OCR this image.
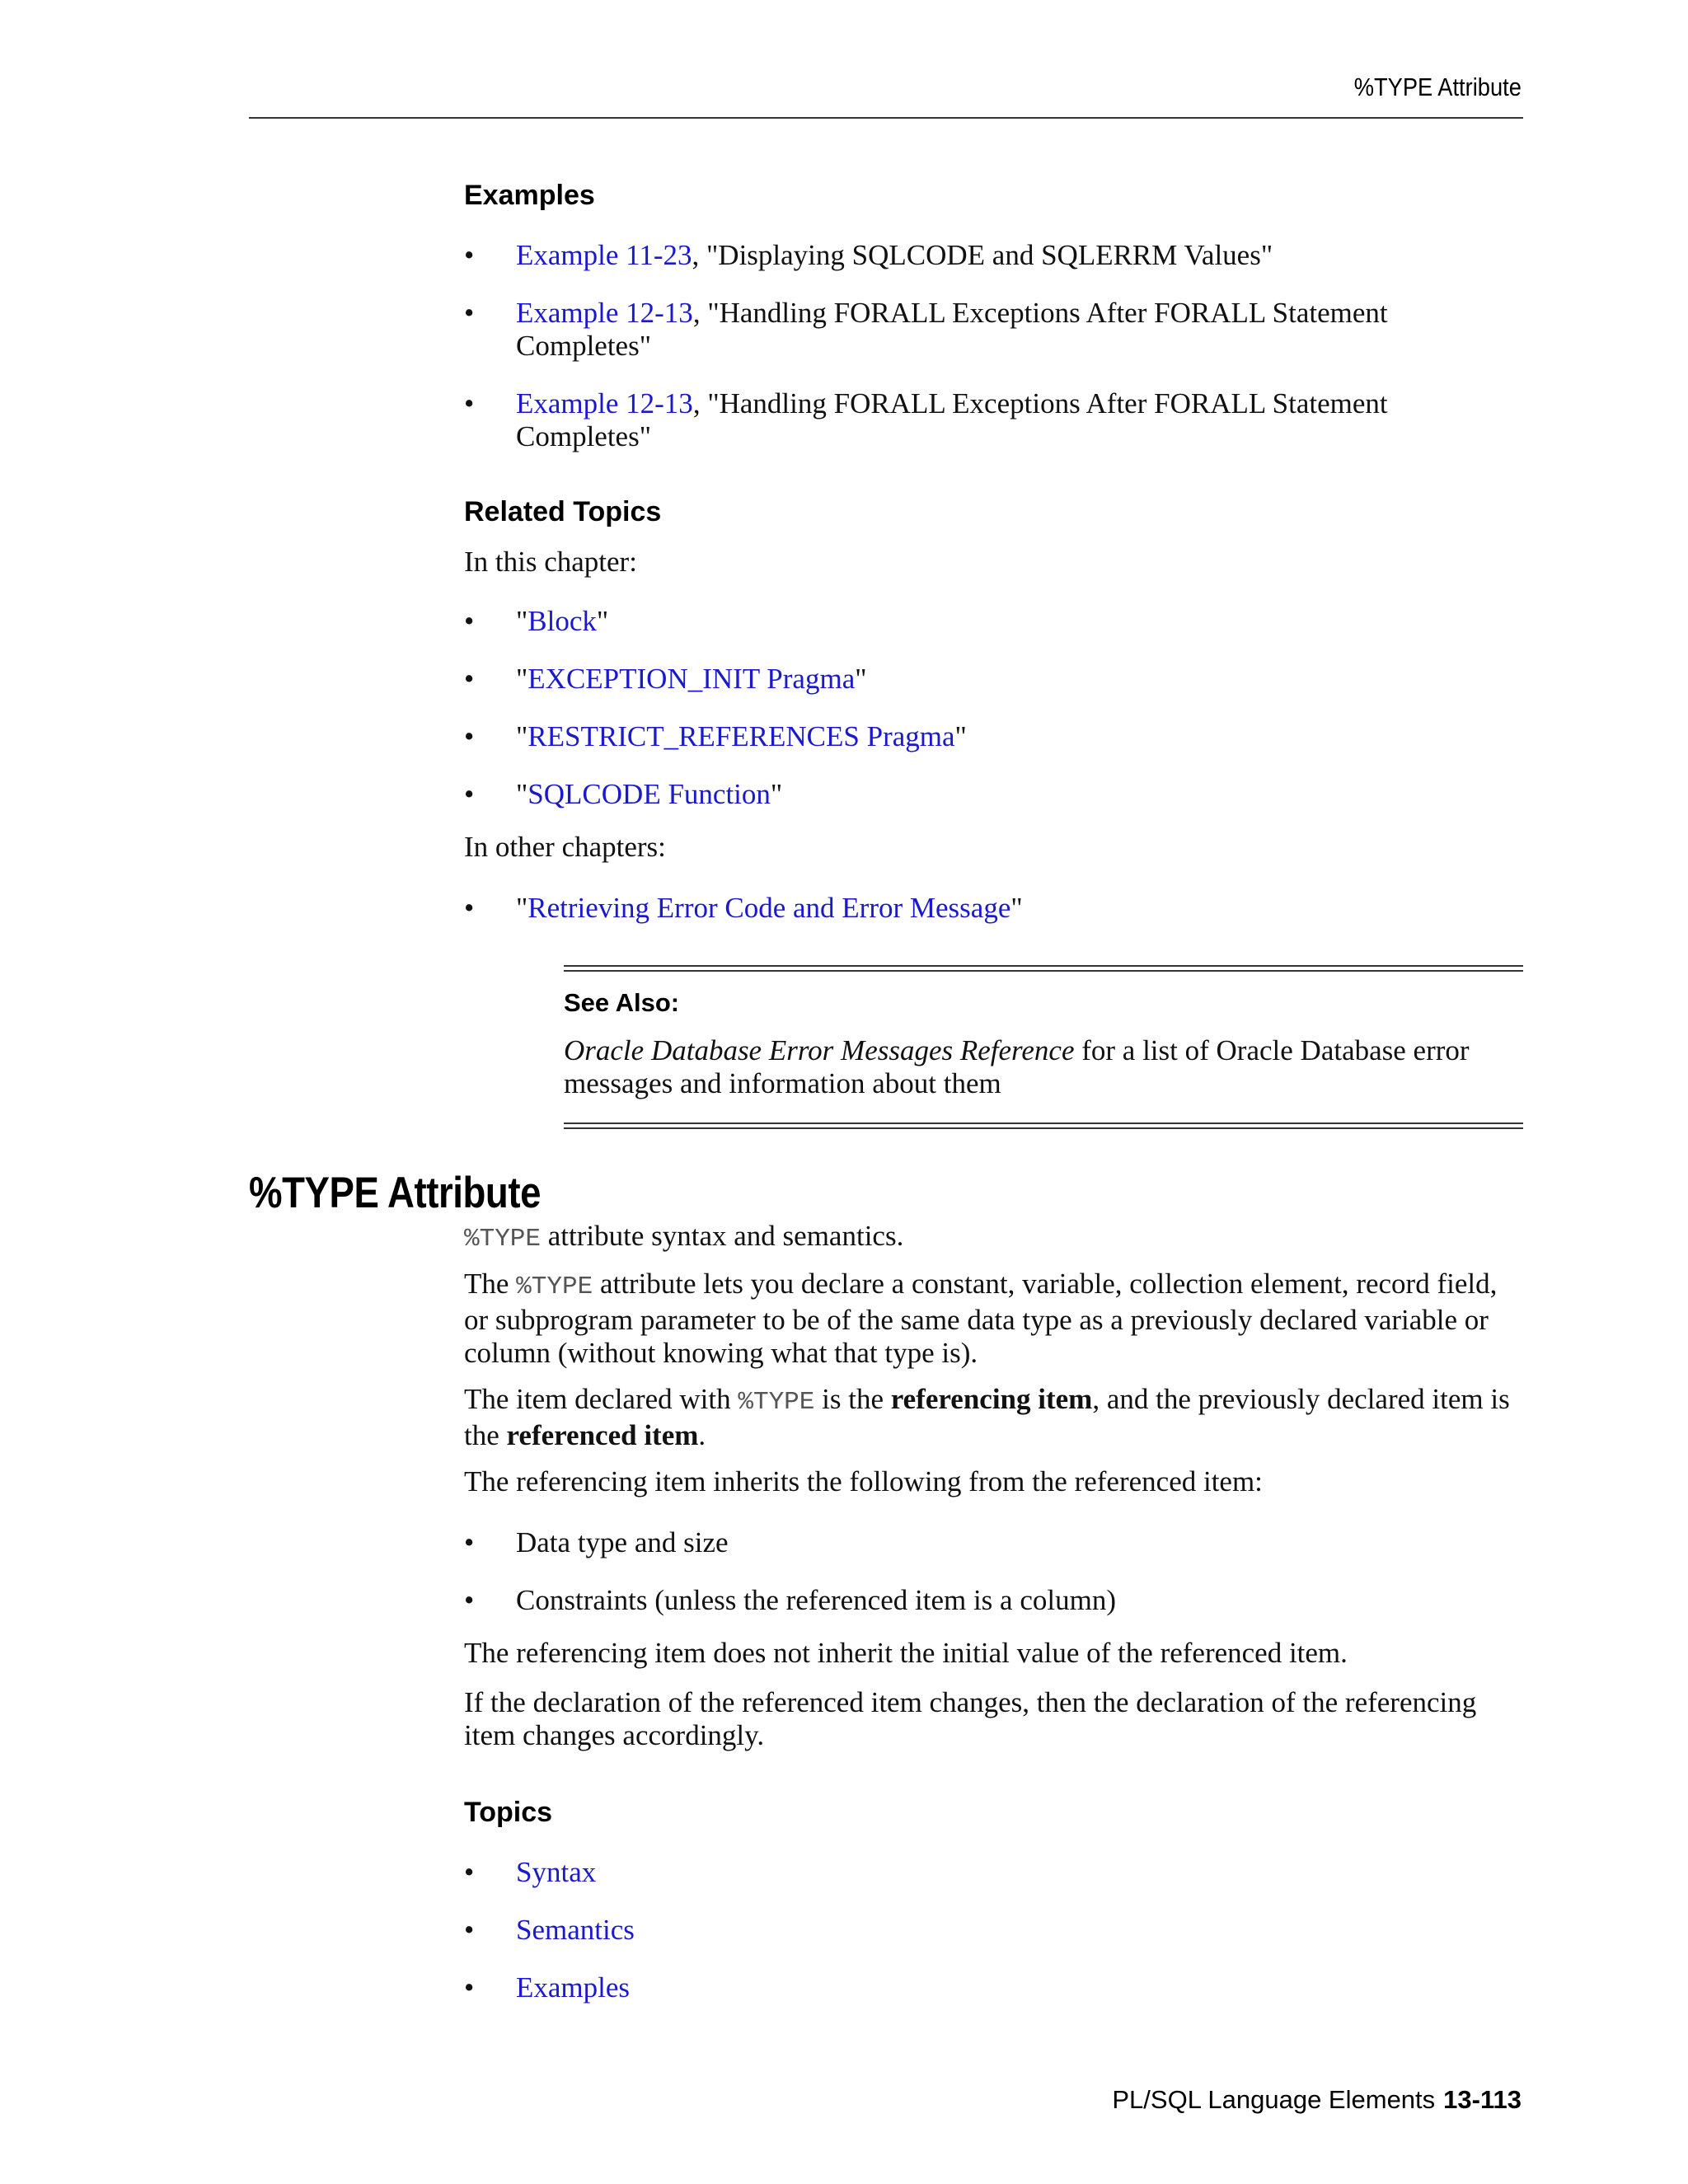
%TYPE Attribute
Examples
•	Example 11-23, "Displaying SQLCODE and SQLERRM Values"
•	Example 12-13, "Handling FORALL Exceptions After FORALL Statement Completes"
•	Example 12-13, "Handling FORALL Exceptions After FORALL Statement Completes"
Related Topics
In this chapter:
•	"Block"
•	"EXCEPTION_INIT Pragma"
•	"RESTRICT_REFERENCES Pragma"
•	"SQLCODE Function"
In other chapters:
•	"Retrieving Error Code and Error Message"
See Also:
Oracle Database Error Messages Reference for a list of Oracle Database error messages and information about them
%TYPE Attribute
%TYPE attribute syntax and semantics.
The %TYPE attribute lets you declare a constant, variable, collection element, record field, or subprogram parameter to be of the same data type as a previously declared variable or column (without knowing what that type is).
The item declared with %TYPE is the referencing item, and the previously declared item is the referenced item.
The referencing item inherits the following from the referenced item:
•	Data type and size
•	Constraints (unless the referenced item is a column)
The referencing item does not inherit the initial value of the referenced item.
If the declaration of the referenced item changes, then the declaration of the referencing item changes accordingly.
Topics
•	Syntax
•	Semantics
•	Examples
PL/SQL Language Elements 13-113
